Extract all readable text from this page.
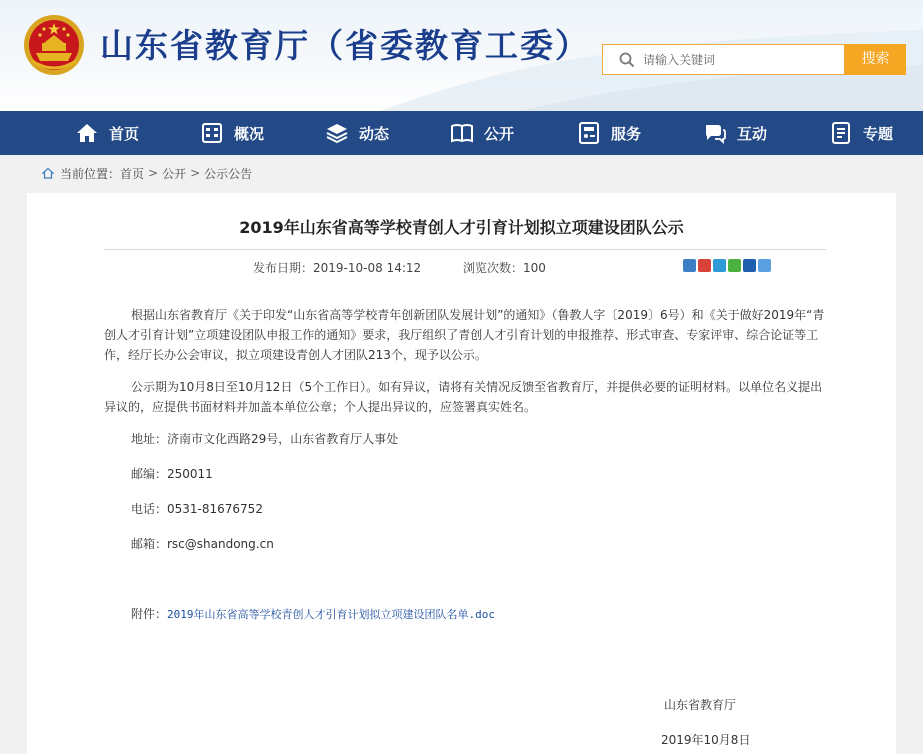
山东省教育厅（省委教育工委）
请输入关键词	搜索
首页	概况	动态	公开	服务	互动	专题
当前位置： 首页 > 公开 > 公示公告
2019年山东省高等学校青创人才引育计划拟立项建设团队公示
发布日期：2019-10-08 14:12	浏览次数：100

根据山东省教育厅《关于印发“山东省高等学校青年创新团队发展计划”的通知》（鲁教人字〔2019〕6号）和《关于做好2019年“青创人才引育计划”立项建设团队申报工作的通知》要求，我厅组织了青创人才引育计划的申报推荐、形式审查、专家评审、综合论证等工作，经厅长办公会审议，拟立项建设青创人才团队213个，现予以公示。

公示期为10月8日至10月12日（5个工作日）。如有异议，请将有关情况反馈至省教育厅，并提供必要的证明材料。以单位名义提出异议的，应提供书面材料并加盖本单位公章；个人提出异议的，应签署真实姓名。

地址：济南市文化西路29号，山东省教育厅人事处

邮编：250011

电话：0531-81676752

邮箱：rsc@shandong.cn

附件：2019年山东省高等学校青创人才引育计划拟立项建设团队名单.doc

山东省教育厅
2019年10月8日
